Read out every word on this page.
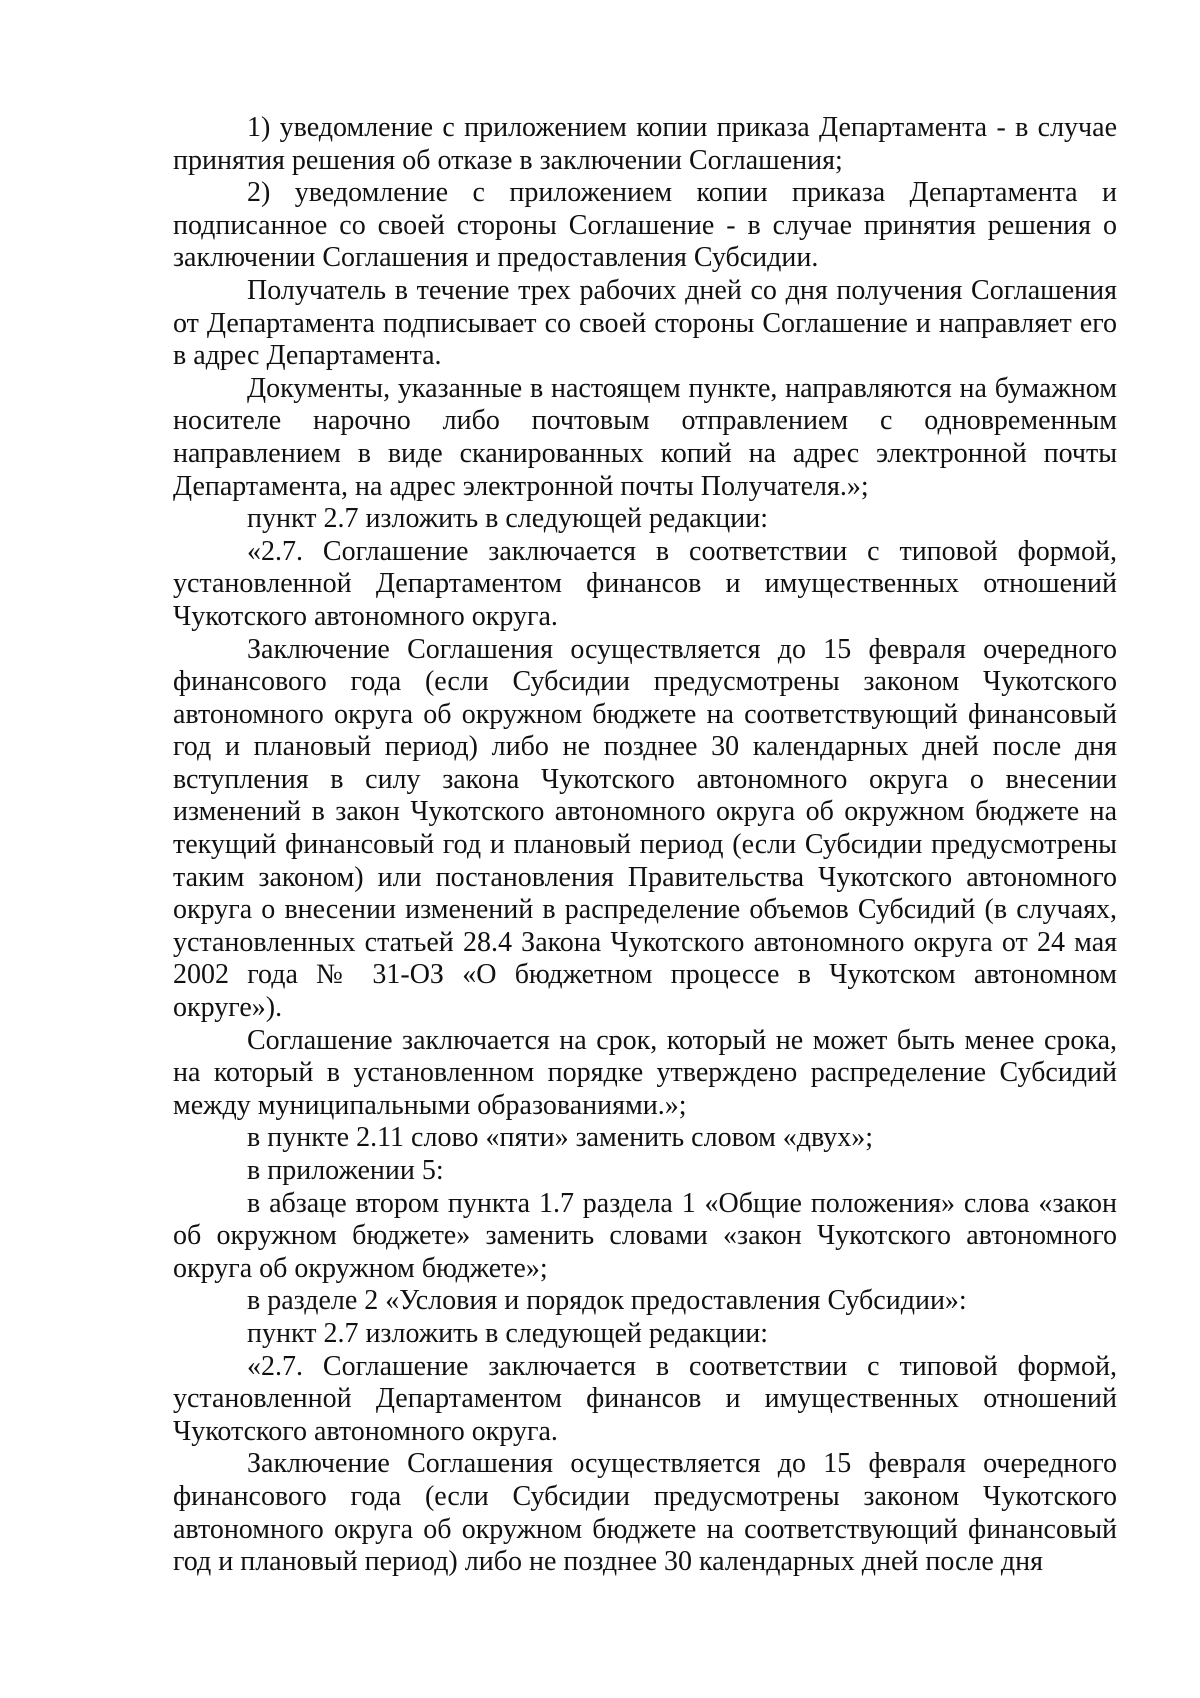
1) уведомление с приложением копии приказа Департамента - в случае принятия решения об отказе в заключении Соглашения;

2) уведомление с приложением копии приказа Департамента и подписанное со своей стороны Соглашение - в случае принятия решения о заключении Соглашения и предоставления Субсидии.

Получатель в течение трех рабочих дней со дня получения Соглашения от Департамента подписывает со своей стороны Соглашение и направляет его в адрес Департамента.

Документы, указанные в настоящем пункте, направляются на бумажном носителе нарочно либо почтовым отправлением с одновременным направлением в виде сканированных копий на адрес электронной почты Департамента, на адрес электронной почты Получателя.»;

пункт 2.7 изложить в следующей редакции:

«2.7. Соглашение заключается в соответствии с типовой формой, установленной Департаментом финансов и имущественных отношений Чукотского автономного округа.

Заключение Соглашения осуществляется до 15 февраля очередного финансового года (если Субсидии предусмотрены законом Чукотского автономного округа об окружном бюджете на соответствующий финансовый год и плановый период) либо не позднее 30 календарных дней после дня вступления в силу закона Чукотского автономного округа о внесении изменений в закон Чукотского автономного округа об окружном бюджете на текущий финансовый год и плановый период (если Субсидии предусмотрены таким законом) или постановления Правительства Чукотского автономного округа о внесении изменений в распределение объемов Субсидий (в случаях, установленных статьей 28.4 Закона Чукотского автономного округа от 24 мая 2002 года № 31-ОЗ «О бюджетном процессе в Чукотском автономном округе»).

Соглашение заключается на срок, который не может быть менее срока, на который в установленном порядке утверждено распределение Субсидий между муниципальными образованиями.»;

в пункте 2.11 слово «пяти» заменить словом «двух»;

в приложении 5:

в абзаце втором пункта 1.7 раздела 1 «Общие положения» слова «закон об окружном бюджете» заменить словами «закон Чукотского автономного округа об окружном бюджете»;

в разделе 2 «Условия и порядок предоставления Субсидии»:

пункт 2.7 изложить в следующей редакции:

«2.7. Соглашение заключается в соответствии с типовой формой, установленной Департаментом финансов и имущественных отношений Чукотского автономного округа.

Заключение Соглашения осуществляется до 15 февраля очередного финансового года (если Субсидии предусмотрены законом Чукотского автономного округа об окружном бюджете на соответствующий финансовый год и плановый период) либо не позднее 30 календарных дней после дня
